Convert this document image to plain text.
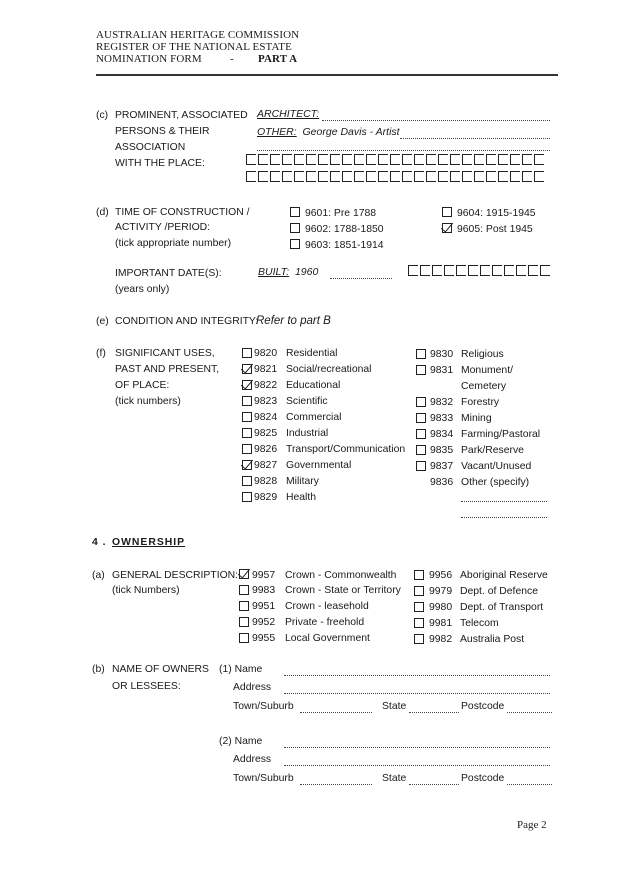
AUSTRALIAN HERITAGE COMMISSION
REGISTER OF THE NATIONAL ESTATE
NOMINATION FORM	- PART A
(c) PROMINENT, ASSOCIATED
PERSONS & THEIR
ASSOCIATION
WITH THE PLACE:
ARCHITECT:
OTHER: George Davis - Artist
(d) TIME OF CONSTRUCTION /
ACTIVITY /PERIOD:
(tick appropriate number)
9601: Pre 1788
9602: 1788-1850
9603: 1851-1914
9604: 1915-1945
9605: Post 1945
IMPORTANT DATE(S):
(years only)
BUILT: 1960
(e) CONDITION AND INTEGRITY:
Refer to part B
(f) SIGNIFICANT USES,
PAST AND PRESENT,
OF PLACE:
(tick numbers)
9820 Residential
9821 Social/recreational
9822 Educational
9823 Scientific
9824 Commercial
9825 Industrial
9826 Transport/Communication
9827 Governmental
9828 Military
9829 Health
9830 Religious
9831 Monument/
Cemetery
9832 Forestry
9833 Mining
9834 Farming/Pastoral
9835 Park/Reserve
9837 Vacant/Unused
9836 Other (specify)
4 . OWNERSHIP
(a) GENERAL DESCRIPTION:
(tick Numbers)
9957 Crown - Commonwealth
9983 Crown - State or Territory
9951 Crown - leasehold
9952 Private - freehold
9955 Local Government
9956 Aboriginal Reserve
9979 Dept. of Defence
9980 Dept. of Transport
9981 Telecom
9982 Australia Post
(b) NAME OF OWNERS
OR LESSEES:
(1) Name
Address
Town/Suburb	State	Postcode
(2) Name
Address
Town/Suburb	State	Postcode
Page 2
